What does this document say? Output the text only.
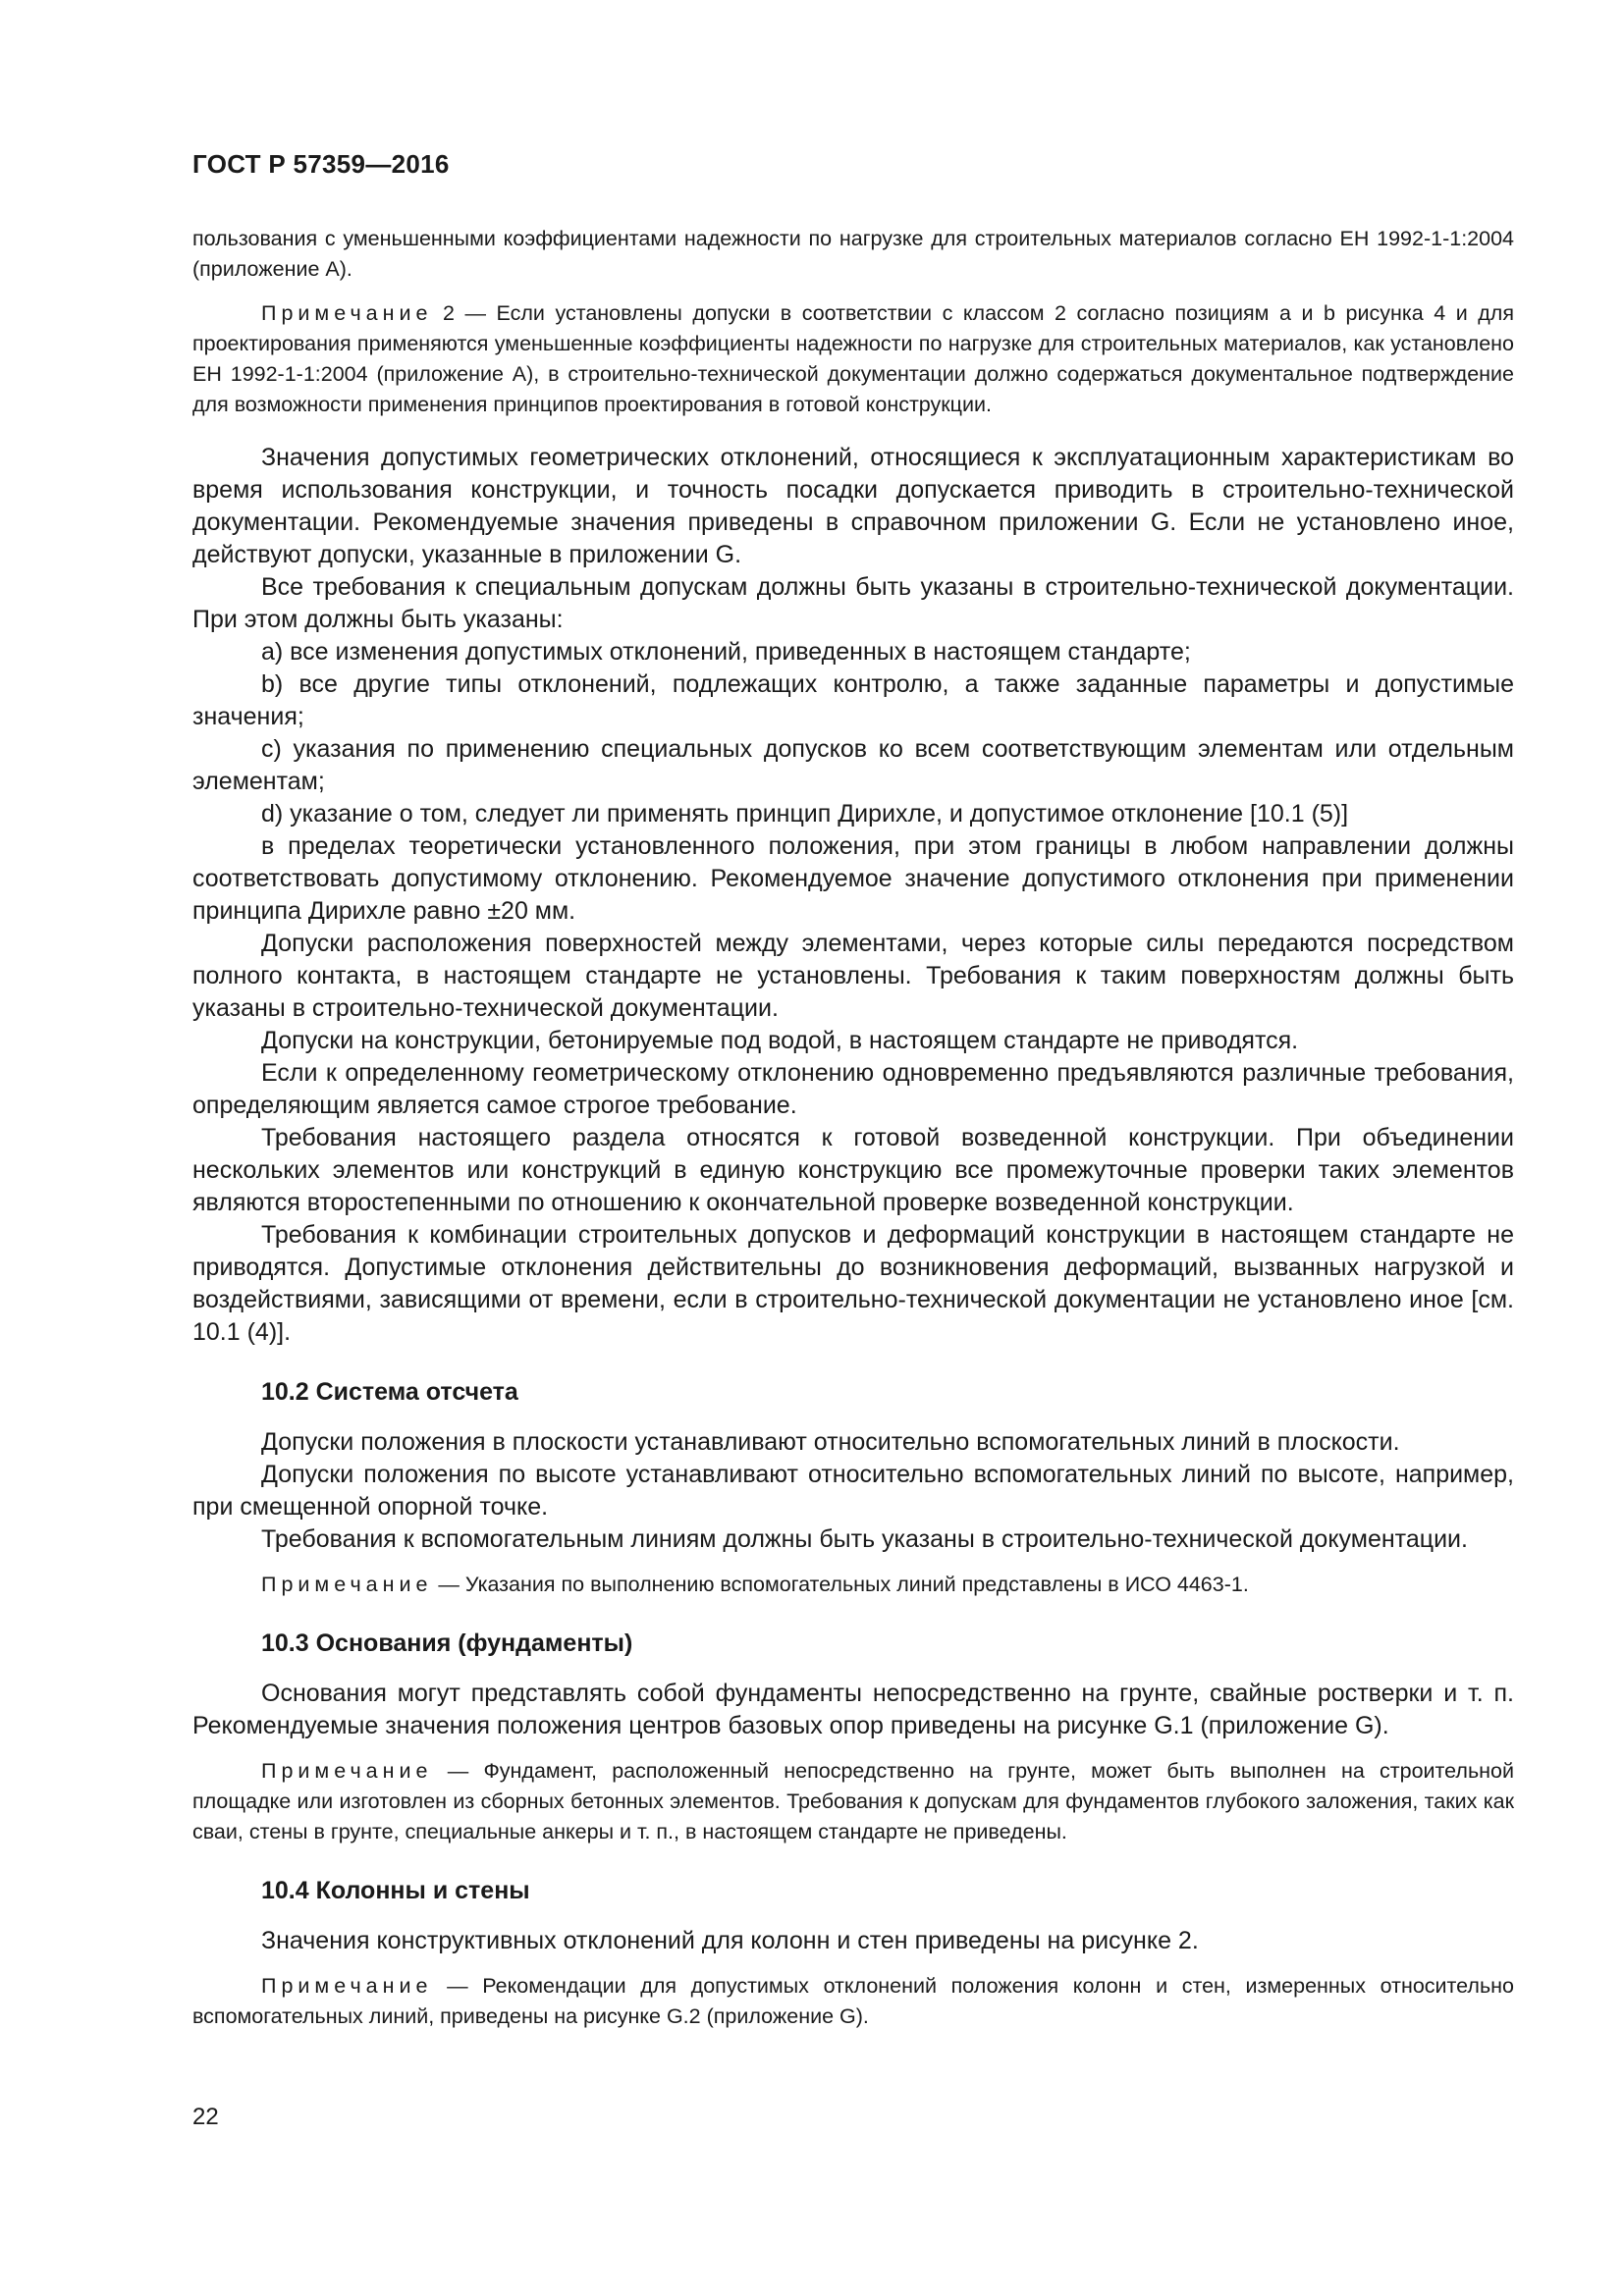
ГОСТ Р 57359—2016

пользования с уменьшенными коэффициентами надежности по нагрузке для строительных материалов согласно ЕН 1992-1-1:2004 (приложение А).

Примечание 2 — Если установлены допуски в соответствии с классом 2 согласно позициям a и b рисунка 4 и для проектирования применяются уменьшенные коэффициенты надежности по нагрузке для строительных материалов, как установлено ЕН 1992-1-1:2004 (приложение А), в строительно-технической документации должно содержаться документальное подтверждение для возможности применения принципов проектирования в готовой конструкции.

Значения допустимых геометрических отклонений, относящиеся к эксплуатационным характеристикам во время использования конструкции, и точность посадки допускается приводить в строительно-технической документации. Рекомендуемые значения приведены в справочном приложении G. Если не установлено иное, действуют допуски, указанные в приложении G.

Все требования к специальным допускам должны быть указаны в строительно-технической документации. При этом должны быть указаны:

a) все изменения допустимых отклонений, приведенных в настоящем стандарте;

b) все другие типы отклонений, подлежащих контролю, а также заданные параметры и допустимые значения;

c) указания по применению специальных допусков ко всем соответствующим элементам или отдельным элементам;

d) указание о том, следует ли применять принцип Дирихле, и допустимое отклонение [10.1 (5)]

в пределах теоретически установленного положения, при этом границы в любом направлении должны соответствовать допустимому отклонению. Рекомендуемое значение допустимого отклонения при применении принципа Дирихле равно ±20 мм.

Допуски расположения поверхностей между элементами, через которые силы передаются посредством полного контакта, в настоящем стандарте не установлены. Требования к таким поверхностям должны быть указаны в строительно-технической документации.

Допуски на конструкции, бетонируемые под водой, в настоящем стандарте не приводятся.

Если к определенному геометрическому отклонению одновременно предъявляются различные требования, определяющим является самое строгое требование.

Требования настоящего раздела относятся к готовой возведенной конструкции. При объединении нескольких элементов или конструкций в единую конструкцию все промежуточные проверки таких элементов являются второстепенными по отношению к окончательной проверке возведенной конструкции.

Требования к комбинации строительных допусков и деформаций конструкции в настоящем стандарте не приводятся. Допустимые отклонения действительны до возникновения деформаций, вызванных нагрузкой и воздействиями, зависящими от времени, если в строительно-технической документации не установлено иное [см. 10.1 (4)].

10.2 Система отсчета

Допуски положения в плоскости устанавливают относительно вспомогательных линий в плоскости.

Допуски положения по высоте устанавливают относительно вспомогательных линий по высоте, например, при смещенной опорной точке.

Требования к вспомогательным линиям должны быть указаны в строительно-технической документации.

Примечание — Указания по выполнению вспомогательных линий представлены в ИСО 4463-1.

10.3 Основания (фундаменты)

Основания могут представлять собой фундаменты непосредственно на грунте, свайные ростверки и т. п. Рекомендуемые значения положения центров базовых опор приведены на рисунке G.1 (приложение G).

Примечание — Фундамент, расположенный непосредственно на грунте, может быть выполнен на строительной площадке или изготовлен из сборных бетонных элементов. Требования к допускам для фундаментов глубокого заложения, таких как сваи, стены в грунте, специальные анкеры и т. п., в настоящем стандарте не приведены.

10.4 Колонны и стены

Значения конструктивных отклонений для колонн и стен приведены на рисунке 2.

Примечание — Рекомендации для допустимых отклонений положения колонн и стен, измеренных относительно вспомогательных линий, приведены на рисунке G.2 (приложение G).

22
